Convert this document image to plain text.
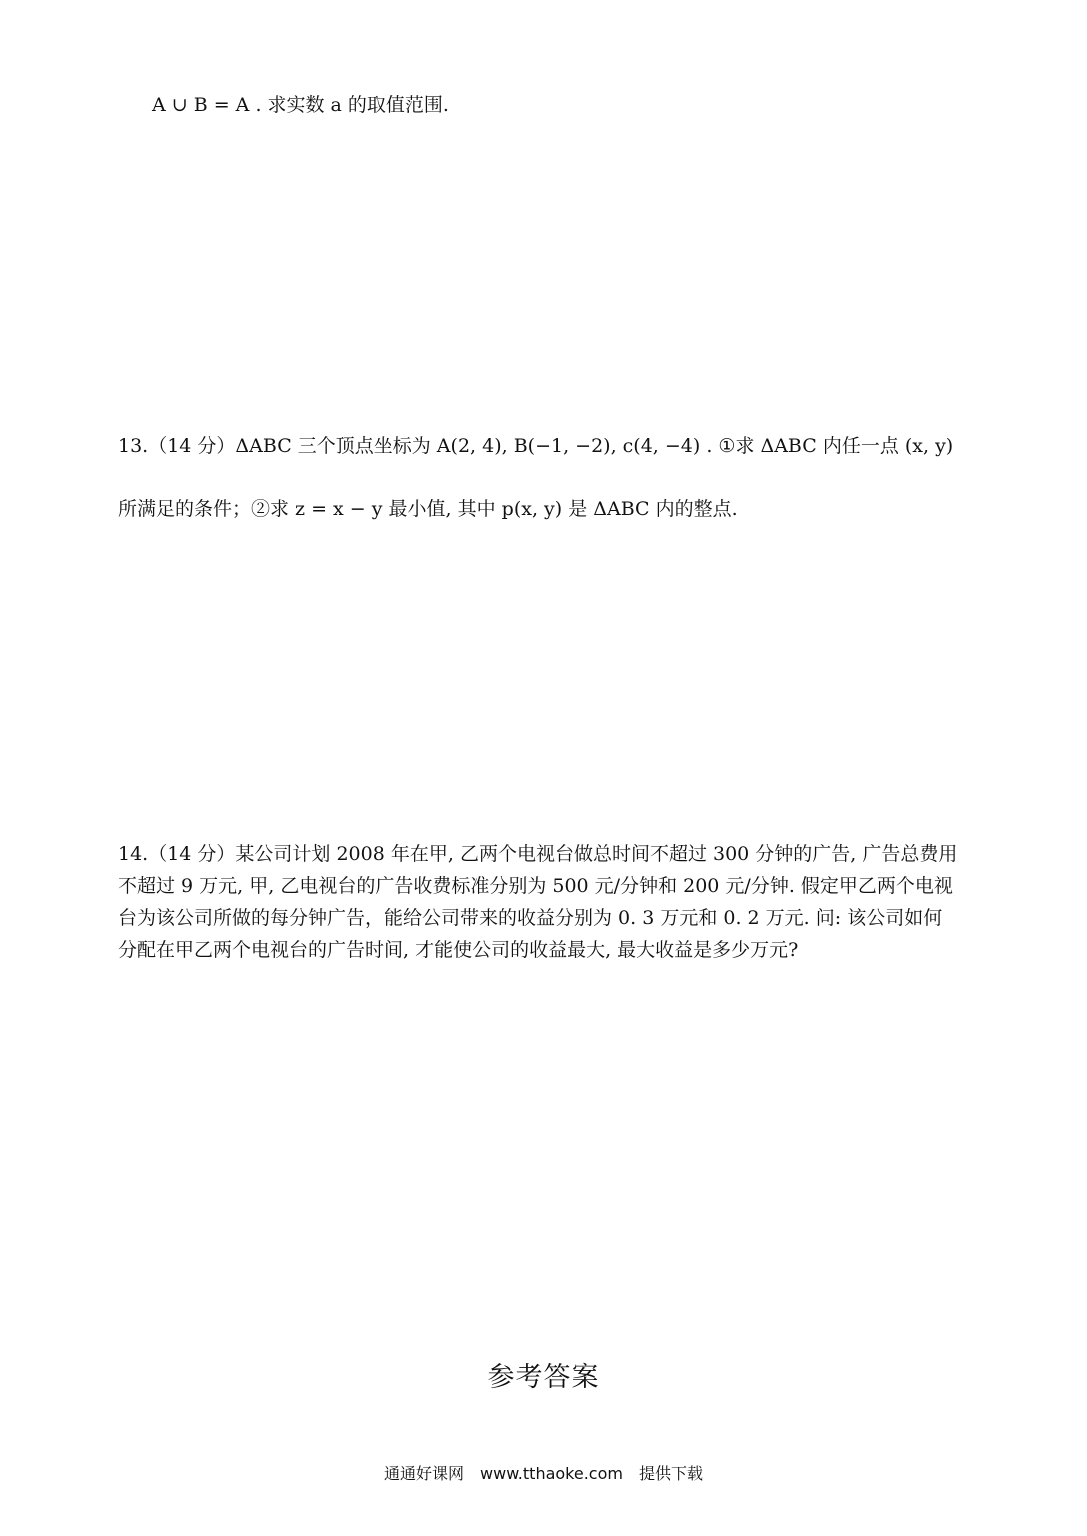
A ∪ B = A . 求实数 a 的取值范围.
13.（14 分）ΔABC 三个顶点坐标为 A(2, 4), B(−1, −2), c(4, −4) . ①求 ΔABC 内任一点 (x, y)
所满足的条件；②求 z = x − y 最小值, 其中 p(x, y) 是 ΔABC 内的整点.
14.（14 分）某公司计划 2008 年在甲, 乙两个电视台做总时间不超过 300 分钟的广告, 广告总费用
不超过 9 万元, 甲, 乙电视台的广告收费标准分别为 500 元/分钟和 200 元/分钟. 假定甲乙两个电视
台为该公司所做的每分钟广告，能给公司带来的收益分别为 0. 3 万元和 0. 2 万元. 问: 该公司如何
分配在甲乙两个电视台的广告时间, 才能使公司的收益最大, 最大收益是多少万元?
参考答案
通通好课网　www.tthaoke.com　提供下载
